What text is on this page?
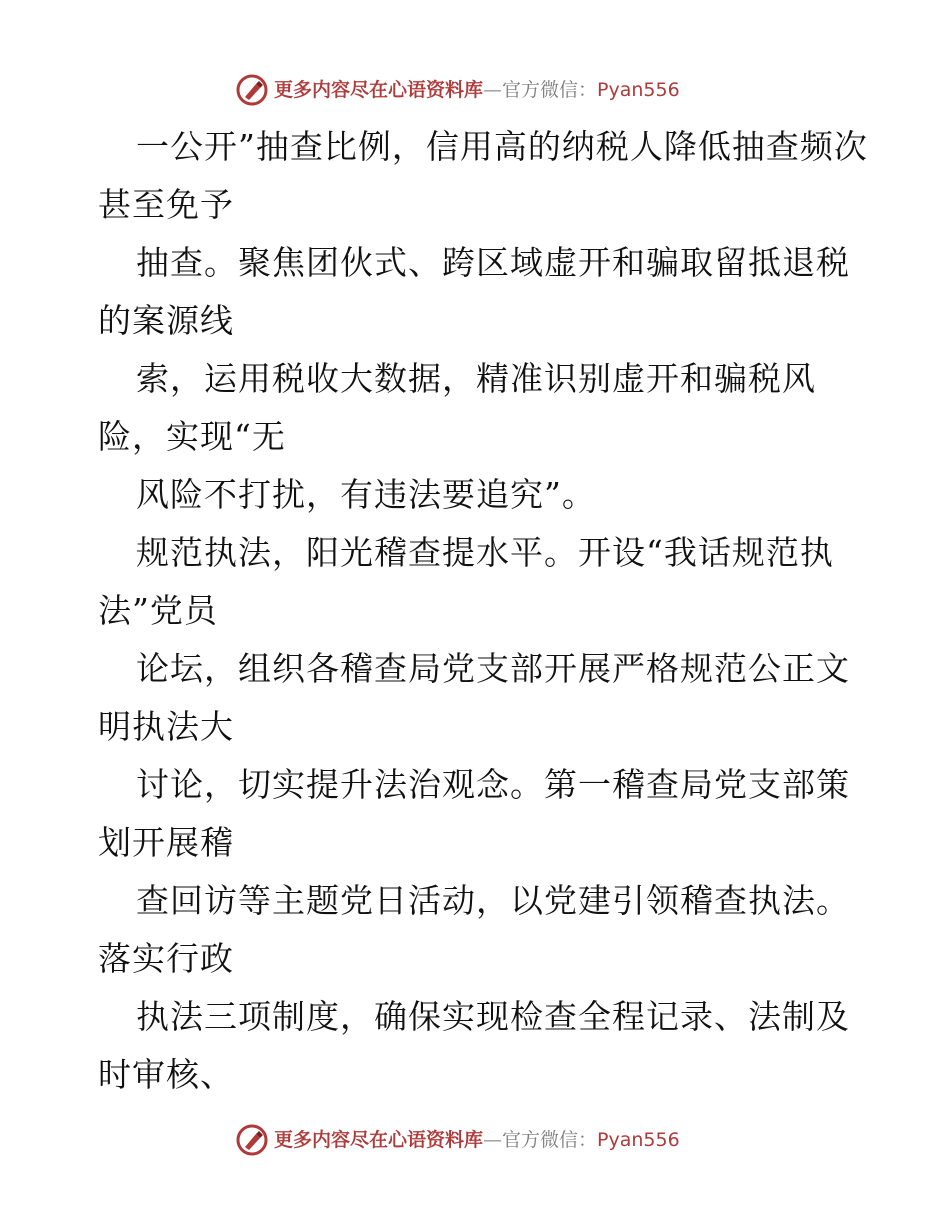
更多内容尽在心语资料库—官方微信：Pyan556

一公开”抽查比例，信用高的纳税人降低抽查频次甚至免予

抽查。聚焦团伙式、跨区域虚开和骗取留抵退税的案源线

索，运用税收大数据，精准识别虚开和骗税风险，实现“无

风险不打扰，有违法要追究”。

规范执法，阳光稽查提水平。开设“我话规范执法”党员

论坛，组织各稽查局党支部开展严格规范公正文明执法大

讨论，切实提升法治观念。第一稽查局党支部策划开展稽

查回访等主题党日活动，以党建引领稽查执法。落实行政

执法三项制度，确保实现检查全程记录、法制及时审核、

更多内容尽在心语资料库—官方微信：Pyan556
